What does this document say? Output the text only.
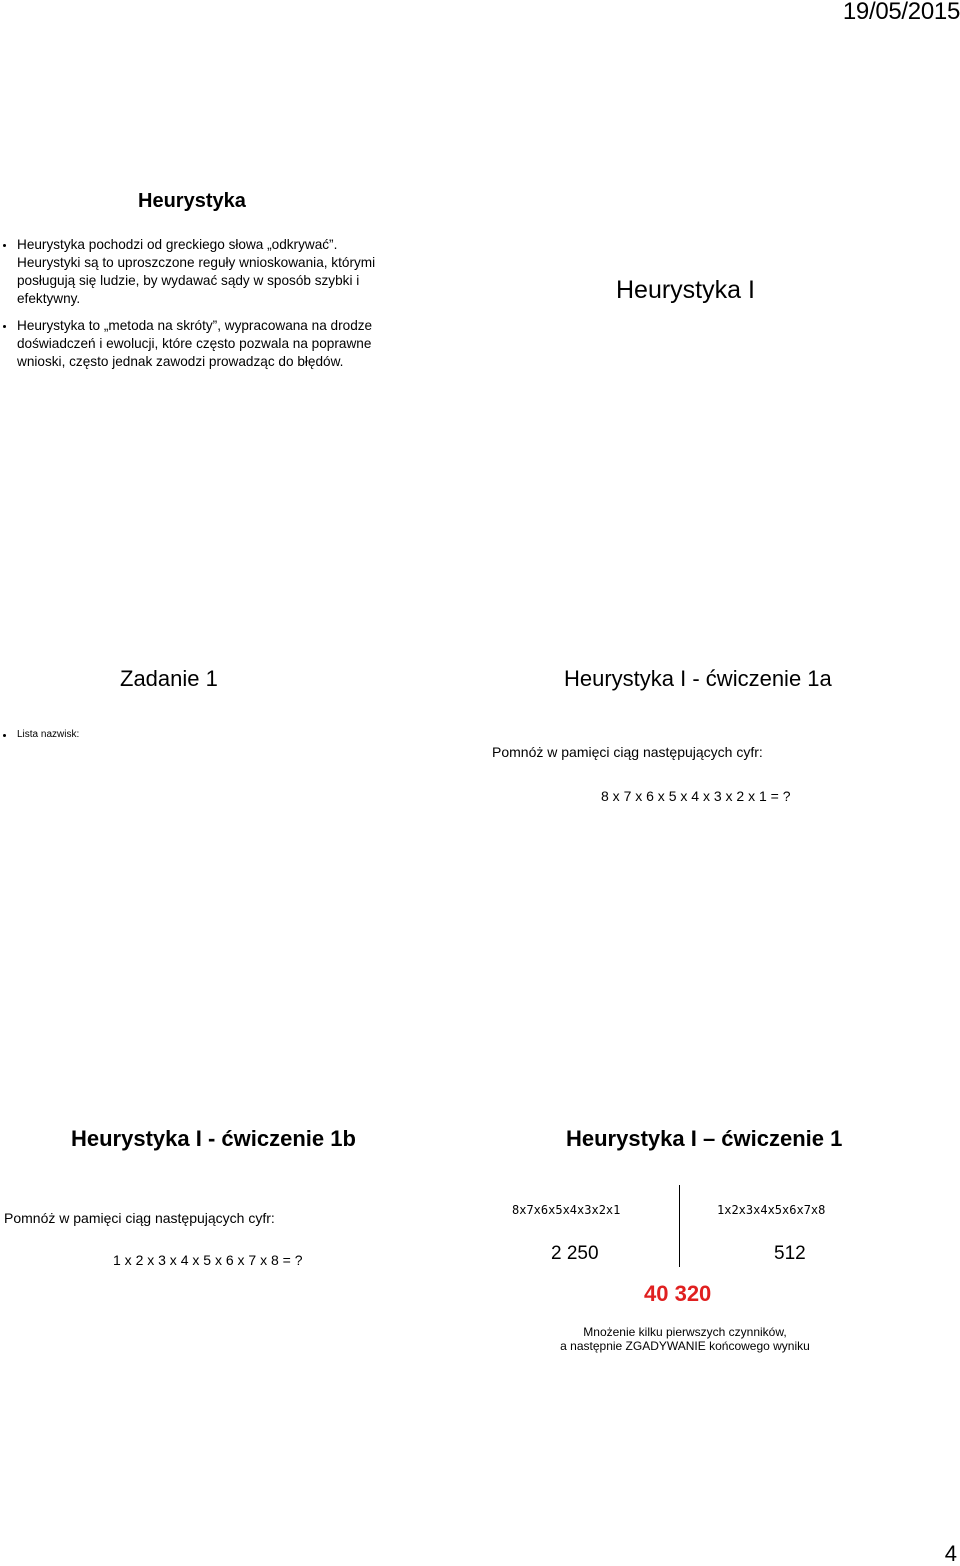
19/05/2015
4
Heurystyka
Heurystyka pochodzi od greckiego słowa „odkrywać”. Heurystyki są to uproszczone reguły wnioskowania, którymi posługują się ludzie, by wydawać sądy w sposób szybki i efektywny.
Heurystyka to „metoda na skróty”, wypracowana na drodze doświadczeń i ewolucji, które często pozwala na poprawne wnioski, często jednak zawodzi prowadząc do błędów.
Heurystyka I
Zadanie 1
Lista nazwisk:
Heurystyka I - ćwiczenie 1a
Pomnóż w pamięci ciąg następujących cyfr:
8 x 7 x 6 x 5 x 4 x 3 x 2 x 1 = ?
Heurystyka I - ćwiczenie 1b
Pomnóż w pamięci ciąg następujących cyfr:
1 x 2 x 3 x 4 x 5 x 6 x 7 x 8 = ?
Heurystyka I – ćwiczenie 1
8x7x6x5x4x3x2x1	1x2x3x4x5x6x7x8
2 250	512
40 320
Mnożenie kilku pierwszych czynników,
a następnie ZGADYWANIE końcowego wyniku
